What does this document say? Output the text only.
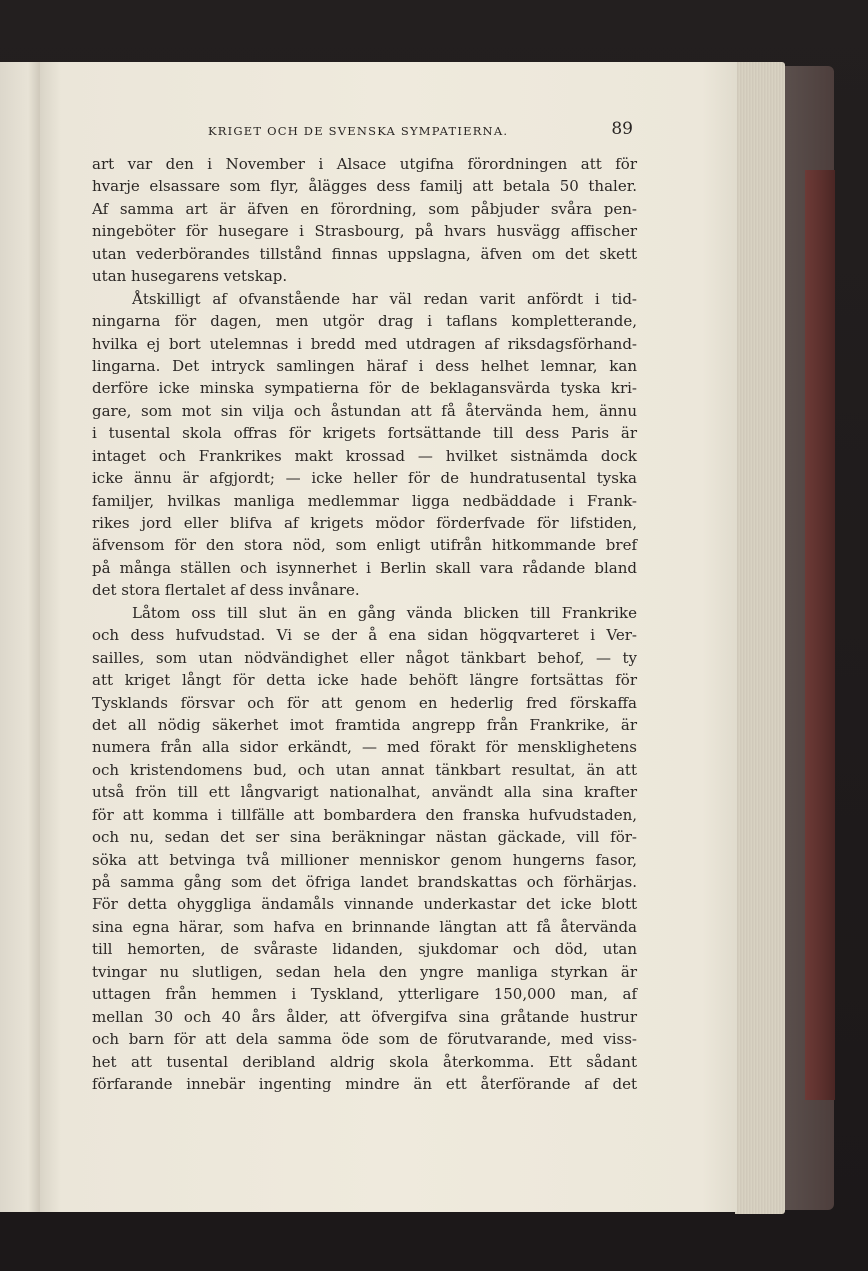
KRIGET OCH DE SVENSKA SYMPATIERNA.	89
art var den i November i Alsace utgifna förordningen att för
hvarje elsassare som flyr, ålägges dess familj att betala 50 thaler.
Af samma art är äfven en förordning, som påbjuder svåra pen-
ningeböter för husegare i Strasbourg, på hvars husvägg affischer
utan vederbörandes tillstånd finnas uppslagna, äfven om det skett
utan husegarens vetskap.
Åtskilligt af ofvanstående har väl redan varit anfördt i tid-
ningarna för dagen, men utgör drag i taflans kompletterande,
hvilka ej bort utelemnas i bredd med utdragen af riksdagsförhand-
lingarna. Det intryck samlingen häraf i dess helhet lemnar, kan
derföre icke minska sympatierna för de beklagansvärda tyska kri-
gare, som mot sin vilja och åstundan att få återvända hem, ännu
i tusental skola offras för krigets fortsättande till dess Paris är
intaget och Frankrikes makt krossad — hvilket sistnämda dock
icke ännu är afgjordt; — icke heller för de hundratusental tyska
familjer, hvilkas manliga medlemmar ligga nedbäddade i Frank-
rikes jord eller blifva af krigets mödor förderfvade för lifstiden,
äfvensom för den stora nöd, som enligt utifrån hitkommande bref
på många ställen och isynnerhet i Berlin skall vara rådande bland
det stora flertalet af dess invånare.
Låtom oss till slut än en gång vända blicken till Frankrike
och dess hufvudstad. Vi se der å ena sidan högqvarteret i Ver-
sailles, som utan nödvändighet eller något tänkbart behof, — ty
att kriget långt för detta icke hade behöft längre fortsättas för
Tysklands försvar och för att genom en hederlig fred förskaffa
det all nödig säkerhet imot framtida angrepp från Frankrike, är
numera från alla sidor erkändt, — med förakt för mensklighetens
och kristendomens bud, och utan annat tänkbart resultat, än att
utså frön till ett långvarigt nationalhat, användt alla sina krafter
för att komma i tillfälle att bombardera den franska hufvudstaden,
och nu, sedan det ser sina beräkningar nästan gäckade, vill för-
söka att betvinga två millioner menniskor genom hungerns fasor,
på samma gång som det öfriga landet brandskattas och förhärjas.
För detta ohyggliga ändamåls vinnande underkastar det icke blott
sina egna härar, som hafva en brinnande längtan att få återvända
till hemorten, de svåraste lidanden, sjukdomar och död, utan
tvingar nu slutligen, sedan hela den yngre manliga styrkan är
uttagen från hemmen i Tyskland, ytterligare 150,000 man, af
mellan 30 och 40 års ålder, att öfvergifva sina gråtande hustrur
och barn för att dela samma öde som de förutvarande, med viss-
het att tusental deribland aldrig skola återkomma. Ett sådant
förfarande innebär ingenting mindre än ett återförande af det
